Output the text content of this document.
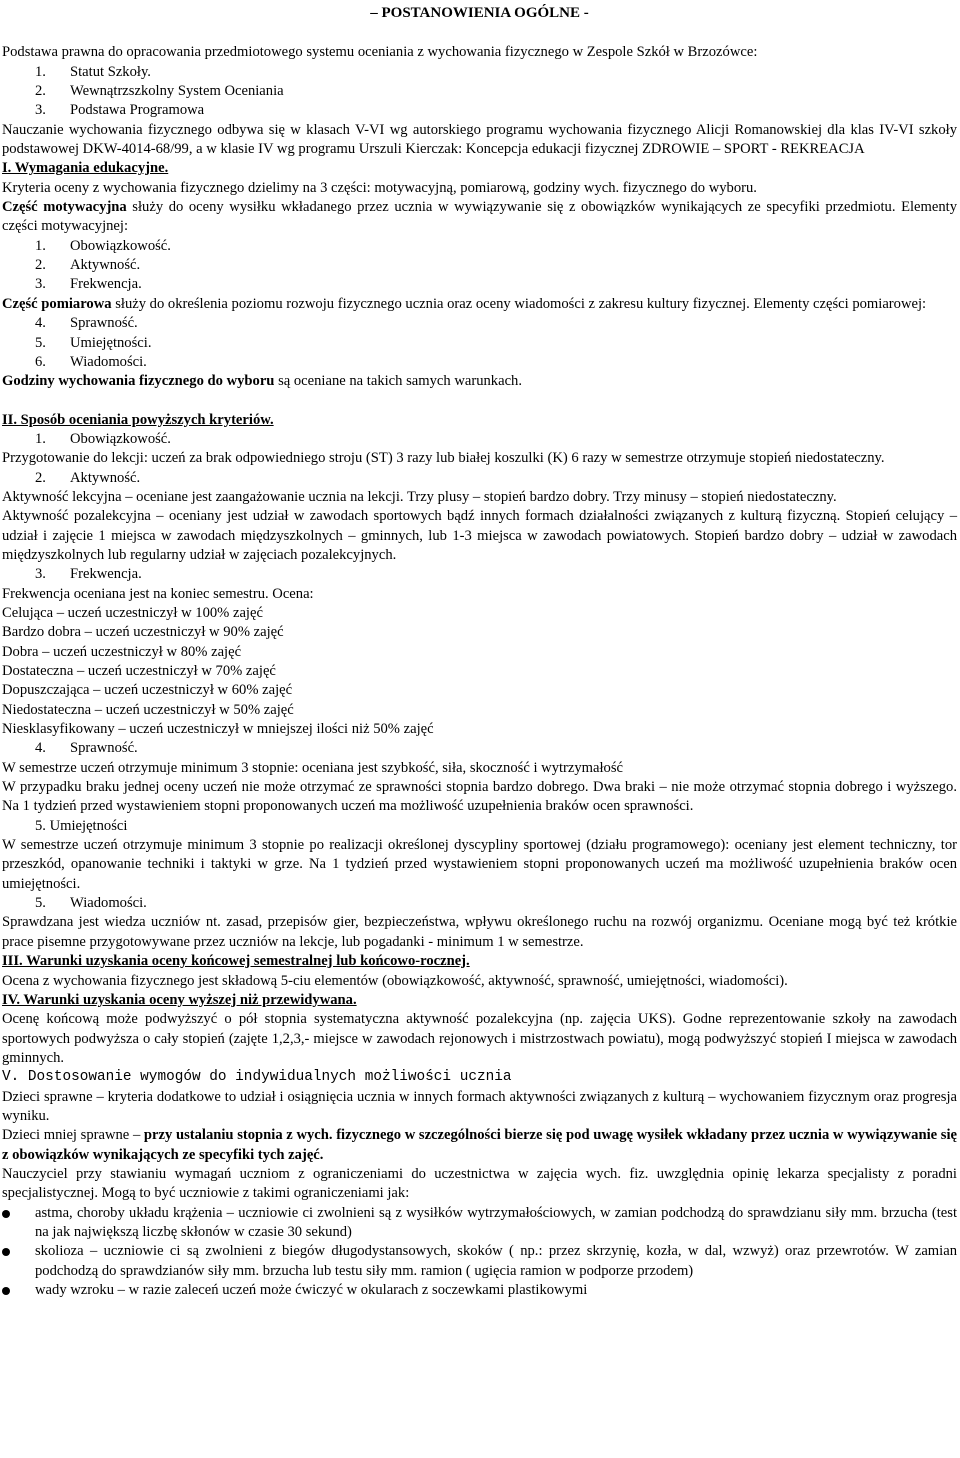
– POSTANOWIENIA OGÓLNE -

Podstawa prawna do opracowania przedmiotowego systemu oceniania z wychowania fizycznego w Zespole Szkół w Brzozówce:

1. Statut Szkoły.

2. Wewnątrzszkolny System Oceniania

3. Podstawa Programowa

Nauczanie wychowania fizycznego odbywa się w klasach V-VI wg autorskiego programu wychowania fizycznego Alicji Romanowskiej dla klas IV-VI szkoły podstawowej DKW-4014-68/99, a w klasie IV wg programu Urszuli Kierczak: Koncepcja edukacji fizycznej ZDROWIE – SPORT - REKREACJA

I. Wymagania edukacyjne.

Kryteria oceny z wychowania fizycznego dzielimy na 3 części: motywacyjną, pomiarową, godziny wych. fizycznego do wyboru.

Część motywacyjna służy do oceny wysiłku wkładanego przez ucznia w wywiązywanie się z obowiązków wynikających ze specyfiki przedmiotu. Elementy części motywacyjnej:

1. Obowiązkowość.

2. Aktywność.

3. Frekwencja.

Część pomiarowa służy do określenia poziomu rozwoju fizycznego ucznia oraz oceny wiadomości z zakresu kultury fizycznej. Elementy części pomiarowej:

4. Sprawność.

5. Umiejętności.

6. Wiadomości.

Godziny wychowania fizycznego do wyboru są oceniane na takich samych warunkach.

II. Sposób oceniania powyższych kryteriów.

1. Obowiązkowość.

Przygotowanie do lekcji: uczeń za brak odpowiedniego stroju (ST) 3 razy lub białej koszulki (K) 6 razy w semestrze otrzymuje stopień niedostateczny.

2. Aktywność.

Aktywność lekcyjna – oceniane jest zaangażowanie ucznia na lekcji. Trzy plusy – stopień bardzo dobry. Trzy minusy – stopień niedostateczny.

Aktywność pozalekcyjna – oceniany jest udział w zawodach sportowych bądź innych formach działalności związanych z kulturą fizyczną. Stopień celujący – udział i zajęcie 1 miejsca w zawodach międzyszkolnych – gminnych, lub 1-3 miejsca w zawodach powiatowych. Stopień bardzo dobry – udział w zawodach międzyszkolnych lub regularny udział w zajęciach pozalekcyjnych.

3. Frekwencja.

Frekwencja oceniana jest na koniec semestru. Ocena:

Celująca – uczeń uczestniczył w 100% zajęć

Bardzo dobra – uczeń uczestniczył w 90% zajęć

Dobra – uczeń uczestniczył w 80% zajęć

Dostateczna – uczeń uczestniczył w 70% zajęć

Dopuszczająca – uczeń uczestniczył w 60% zajęć

Niedostateczna – uczeń uczestniczył w 50% zajęć

Niesklasyfikowany – uczeń uczestniczył w mniejszej ilości niż 50% zajęć

4. Sprawność.

W semestrze uczeń otrzymuje minimum 3 stopnie: oceniana jest szybkość, siła, skoczność i wytrzymałość

W przypadku braku jednej oceny uczeń nie może otrzymać ze sprawności stopnia bardzo dobrego. Dwa braki – nie może otrzymać stopnia dobrego i wyższego. Na 1 tydzień przed wystawieniem stopni proponowanych uczeń ma możliwość uzupełnienia braków ocen sprawności.

5. Umiejętności

W semestrze uczeń otrzymuje minimum 3 stopnie po realizacji określonej dyscypliny sportowej (działu programowego): oceniany jest element techniczny, tor przeszkód, opanowanie techniki i taktyki w grze. Na 1 tydzień przed wystawieniem stopni proponowanych uczeń ma możliwość uzupełnienia braków ocen umiejętności.

5. Wiadomości.

Sprawdzana jest wiedza uczniów nt. zasad, przepisów gier, bezpieczeństwa, wpływu określonego ruchu na rozwój organizmu. Oceniane mogą być też krótkie prace pisemne przygotowywane przez uczniów na lekcje, lub pogadanki - minimum 1 w semestrze.

III. Warunki uzyskania oceny końcowej semestralnej lub końcowo-rocznej.

Ocena z wychowania fizycznego jest składową 5-ciu elementów (obowiązkowość, aktywność, sprawność, umiejętności, wiadomości).

IV. Warunki uzyskania oceny wyższej niż przewidywana.

Ocenę końcową może podwyższyć o pół stopnia systematyczna aktywność pozalekcyjna (np. zajęcia UKS). Godne reprezentowanie szkoły na zawodach sportowych podwyższa o cały stopień (zajęte 1,2,3,- miejsce w zawodach rejonowych i mistrzostwach powiatu), mogą podwyższyć stopień I miejsca w zawodach gminnych.

V. Dostosowanie wymogów do indywidualnych możliwości ucznia

Dzieci sprawne – kryteria dodatkowe to udział i osiągnięcia ucznia w innych formach aktywności związanych z kulturą – wychowaniem fizycznym oraz progresja wyniku.

Dzieci mniej sprawne – przy ustalaniu stopnia z wych. fizycznego w szczególności bierze się pod uwagę wysiłek wkładany przez ucznia w wywiązywanie się z obowiązków wynikających ze specyfiki tych zajęć.

Nauczyciel przy stawianiu wymagań uczniom z ograniczeniami do uczestnictwa w zajęcia wych. fiz. uwzględnia opinię lekarza specjalisty z poradni specjalistycznej. Mogą to być uczniowie z takimi ograniczeniami jak:

astma, choroby układu krążenia – uczniowie ci zwolnieni są z wysiłków wytrzymałościowych, w zamian podchodzą do sprawdzianu siły mm. brzucha (test na jak największą liczbę skłonów w czasie 30 sekund)

skolioza – uczniowie ci są zwolnieni z biegów długodystansowych, skoków ( np.: przez skrzynię, kozła, w dal, wzwyż) oraz przewrotów. W zamian podchodzą do sprawdzianów siły mm. brzucha lub testu siły mm. ramion ( ugięcia ramion w podporze przodem)

wady wzroku – w razie zaleceń uczeń może ćwiczyć w okularach z soczewkami plastikowymi
